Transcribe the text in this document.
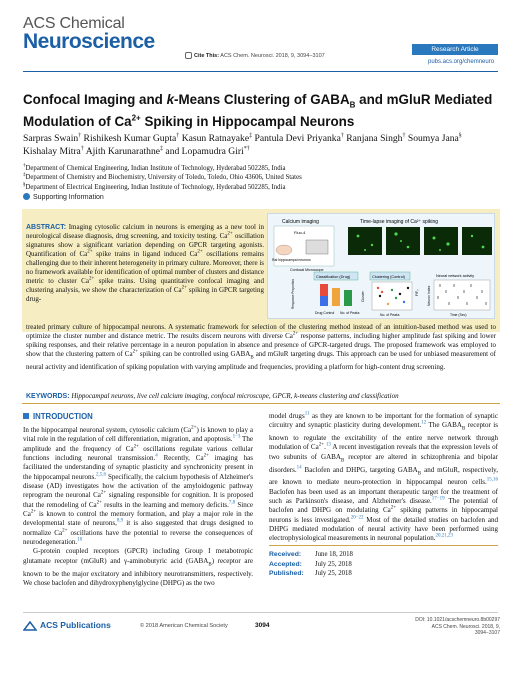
ACS Chemical
Neuroscience
Cite This: ACS Chem. Neurosci. 2018, 9, 3094−3107
Research Article
pubs.acs.org/chemneuro
Confocal Imaging and k-Means Clustering of $GABA_B$ and mGluR Mediated Modulation of $Ca^{2+}$ Spiking in Hippocampal Neurons
Sarpras Swain† Rishikesh Kumar Gupta† Kasun Ratnayake‡ Pantula Devi Priyanka† Ranjana Singh† Soumya Jana§ Kishalay Mitra† Ajith Karunarathne‡ and Lopamudra Giri*†
†Department of Chemical Engineering, Indian Institute of Technology, Hyderabad 502285, India
‡Department of Chemistry and Biochemistry, University of Toledo, Toledo, Ohio 43606, United States
§Department of Electrical Engineering, Indian Institute of Technology, Hyderabad 502285, India
Supporting Information
ABSTRACT: Imaging cytosolic calcium in neurons is emerging as a new tool in neurological disease diagnosis, drug screening, and toxicity testing. $Ca^{2+}$ oscillation signatures show a significant variation depending on GPCR targeting agonists. Quantification of $Ca^{2+}$ spike trains in ligand induced $Ca^{2+}$ oscillations remains challenging due to their inherent heterogeneity in primary culture. Moreover, there is no framework available for identification of optimal number of clusters and distance metric to cluster $Ca^{2+}$ spike trains. Using quantitative confocal imaging and clustering analysis, we show the characterization of $Ca^{2+}$ spiking in GPCR targeting drug-
treated primary culture of hippocampal neurons. A systematic framework for selection of the clustering method instead of an intuition-based method was used to optimize the cluster number and distance metric. The results discern neurons with diverse $Ca^{2+}$ response patterns, including higher amplitude fast spiking and lower spiking responses, and their relative percentage in a neuron population in absence and presence of GPCR-targeted drugs. The proposed framework was employed to show that the clustering pattern of $Ca^{2+}$ spiking can be controlled using $GABA_B$ and mGluR targeting drugs. This approach can be used for unbiased measurement of neural activity and identification of spiking population with varying amplitude and frequencies, providing a platform for high-content drug screening.
Calcium imaging
Fluo-4
Rat hippocampal neurons
Confocal Microscope
Time-lapse imaging of Ca²⁺ spiking
Classification (Drug)
Response Proportion
Drug Control No. of Peaks
Clustering (Control)
Cluster
No. of Peaks
F/F₀
Neural network activity
Neuron Index
Time (Sec)
KEYWORDS: Hippocampal neurons, live cell calcium imaging, confocal microscope, GPCR, k-means clustering and classification
INTRODUCTION

In the hippocampal neuronal system, cytosolic calcium $(Ca^{2+})$ is known to play a vital role in the regulation of cell differentiation, migration, and apoptosis.$^{1-3}$ The amplitude and the frequency of $Ca^{2+}$ oscillations regulate various cellular functions including neuronal transmission.$^4$ Recently, $Ca^{2+}$ imaging has facilitated the understanding of synaptic plasticity and synchronicity present in the hippocampal neurons.$^{2,5,6}$ Specifically, the calcium hypothesis of Alzheimer's disease (AD) investigates how the activation of the amyloidogenic pathway reprogram the neuronal $Ca^{2+}$ signaling responsible for cognition. It is proposed that the remodeling of $Ca^{2+}$ results in the learning and memory deficits.$^{7,8}$ Since $Ca^{2+}$ is known to control the memory formation, and play a major role in the developmental state of neurons,$^{8,9}$ it is also suggested that drugs designed to normalize $Ca^{2+}$ oscillations have the potential to reverse the consequences of neurodegeneration.$^{10}$

G-protein coupled receptors (GPCR) including Group I metabotropic glutamate receptor (mGluR) and γ-aminobutyric acid $(GABA_B)$ receptor are known to be the major excitatory and inhibitory neurotransmitters, respectively. We chose baclofen and dihydroxyphenylglycine (DHPG) as the two

model drugs$^{11}$ as they are known to be important for the formation of synaptic circuitry and synaptic plasticity during development.$^{12}$ The $GABA_B$ receptor is known to regulate the excitability of the entire nerve network through modulation of $Ca^{2+}.^{13}$ A recent investigation reveals that the expression levels of two subunits of $GABA_B$ receptor are altered in schizophrenia and bipolar disorders.$^{14}$ Baclofen and DHPG, targeting $GABA_B$ and mGluR, respectively, are known to mediate neuro-protection in hippocampal neuron cells.$^{15,16}$ Baclofen has been used as an important therapeutic target for the treatment of such as Parkinson's disease, and Alzheimer's disease.$^{17-19}$ The potential of baclofen and DHPG on modulating $Ca^{2+}$ spiking patterns in hippocampal neurons is less investigated.$^{20-22}$ Most of the detailed studies on baclofen and DHPG mediated modulation of neural activity have been performed using electrophysiological measurements in neuronal population.$^{20,21,23}$

Received:	June 18, 2018
Accepted:	July 25, 2018
Published:	July 25, 2018
ACS Publications	© 2018 American Chemical Society	3094
DOI: 10.1021/acschemneuro.8b00297
ACS Chem. Neurosci. 2018, 9, 3094−3107
